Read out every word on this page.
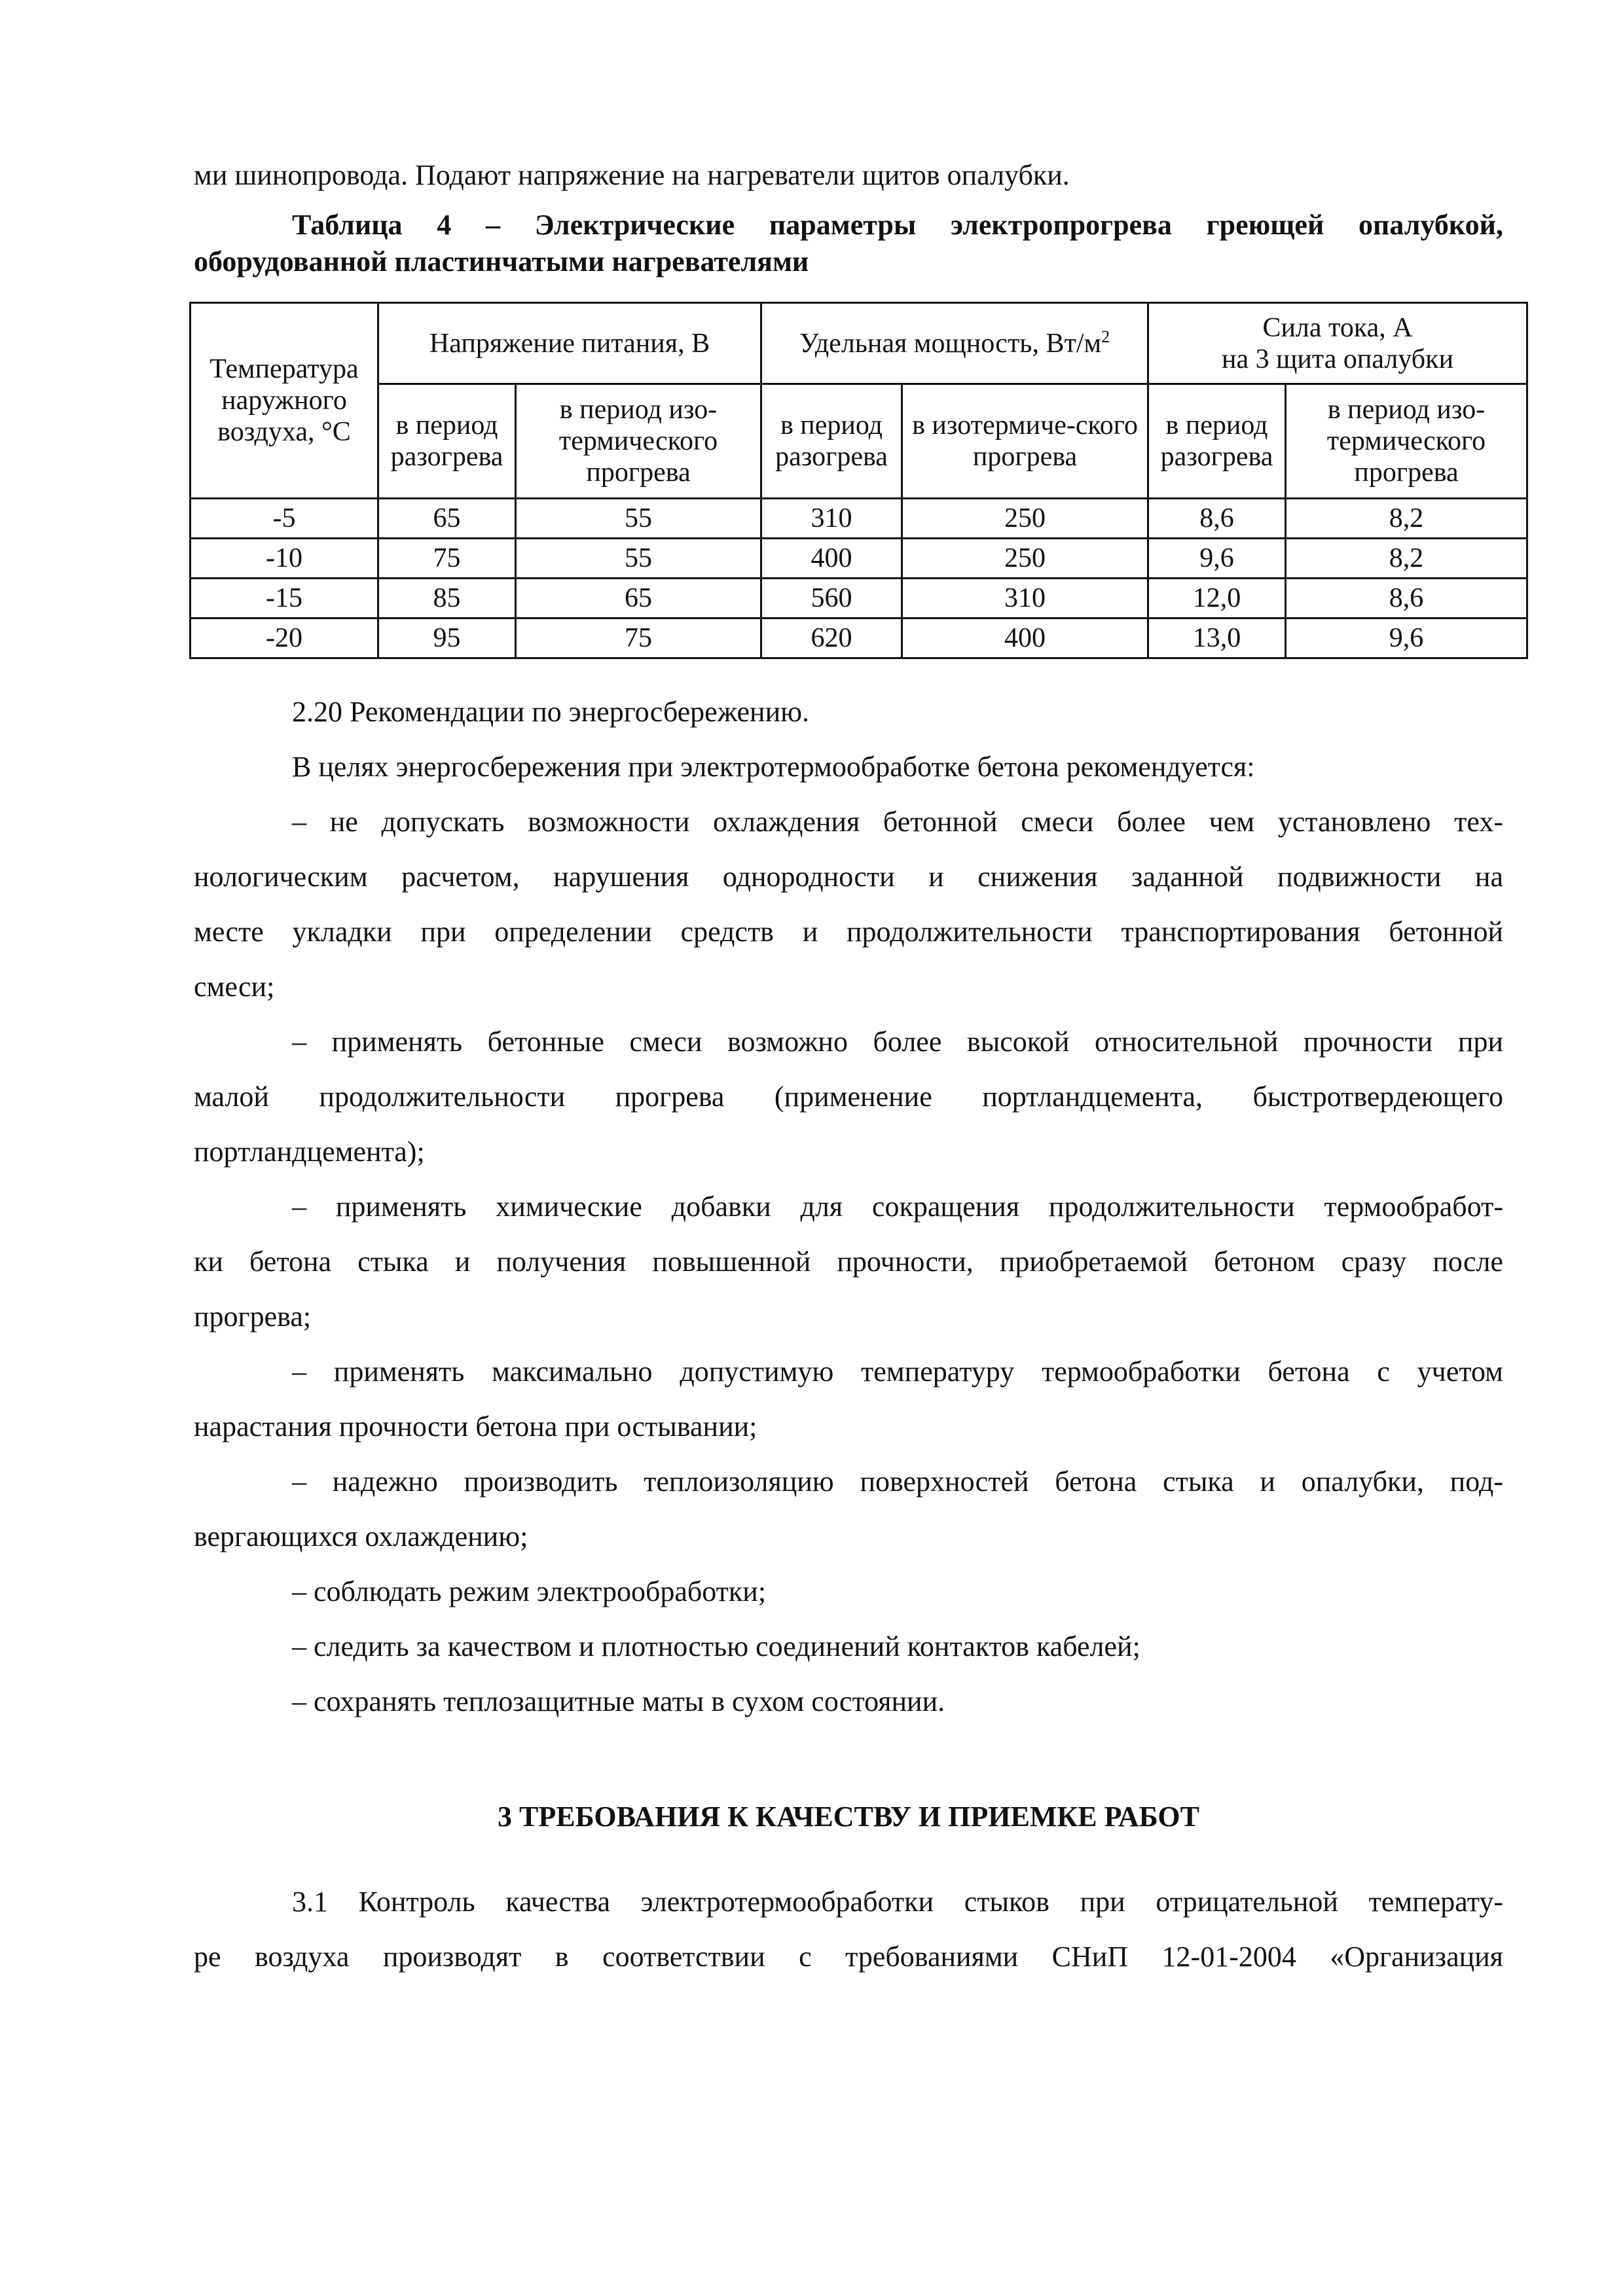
ми шинопровода. Подают напряжение на нагреватели щитов опалубки.
Таблица 4 – Электрические параметры электропрогрева греющей опалубкой,
оборудованной пластинчатыми нагревателями
Температура наружного воздуха, °С	Напряжение питания, В		Удельная мощность, $Вт/м^2$		Сила тока, А
на 3 щита опалубки	
	в период разогрева	в период изо-термического прогрева	в период разогрева	в изотермиче-ского прогрева	в период разогрева	в период изо-термического прогрева
-5	65	55	310	250	8,6	8,2
-10	75	55	400	250	9,6	8,2
-15	85	65	560	310	12,0	8,6
-20	95	75	620	400	13,0	9,6
2.20 Рекомендации по энергосбережению.
В целях энергосбережения при электротермообработке бетона рекомендуется:
– не допускать возможности охлаждения бетонной смеси более чем установлено тех-
нологическим расчетом, нарушения однородности и снижения заданной подвижности на
месте укладки при определении средств и продолжительности транспортирования бетонной
смеси;
– применять бетонные смеси возможно более высокой относительной прочности при
малой продолжительности прогрева (применение портландцемента, быстротвердеющего
портландцемента);
– применять химические добавки для сокращения продолжительности термообработ-
ки бетона стыка и получения повышенной прочности, приобретаемой бетоном сразу после
прогрева;
– применять максимально допустимую температуру термообработки бетона с учетом
нарастания прочности бетона при остывании;
– надежно производить теплоизоляцию поверхностей бетона стыка и опалубки, под-
вергающихся охлаждению;
– соблюдать режим электрообработки;
– следить за качеством и плотностью соединений контактов кабелей;
– сохранять теплозащитные маты в сухом состоянии.
3 ТРЕБОВАНИЯ К КАЧЕСТВУ И ПРИЕМКЕ РАБОТ
3.1 Контроль качества электротермообработки стыков при отрицательной температу-
ре воздуха производят в соответствии с требованиями СНиП 12-01-2004 «Организация
